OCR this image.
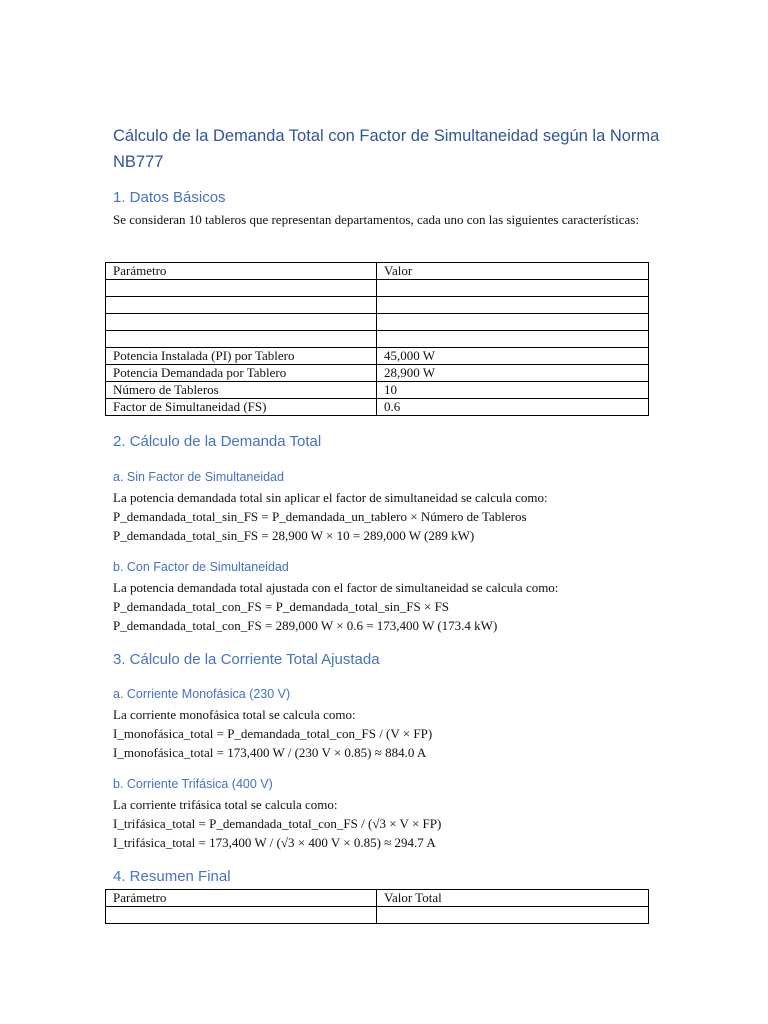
Cálculo de la Demanda Total con Factor de Simultaneidad según la Norma NB777
1. Datos Básicos

Se consideran 10 tableros que representan departamentos, cada uno con las siguientes características:

Parámetro	Valor

Potencia Instalada (PI) por Tablero	45,000 W
Potencia Demandada por Tablero	28,900 W
Número de Tableros	10
Factor de Simultaneidad (FS)	0.6
2. Cálculo de la Demanda Total
a. Sin Factor de Simultaneidad

La potencia demandada total sin aplicar el factor de simultaneidad se calcula como:

P_demandada_total_sin_FS = P_demandada_un_tablero × Número de Tableros

P_demandada_total_sin_FS = 28,900 W × 10 = 289,000 W (289 kW)

b. Con Factor de Simultaneidad

La potencia demandada total ajustada con el factor de simultaneidad se calcula como:

P_demandada_total_con_FS = P_demandada_total_sin_FS × FS

P_demandada_total_con_FS = 289,000 W × 0.6 = 173,400 W (173.4 kW)

3. Cálculo de la Corriente Total Ajustada
a. Corriente Monofásica (230 V)

La corriente monofásica total se calcula como:

I_monofásica_total = P_demandada_total_con_FS / (V × FP)

I_monofásica_total = 173,400 W / (230 V × 0.85) ≈ 884.0 A

b. Corriente Trifásica (400 V)

La corriente trifásica total se calcula como:

I_trifásica_total = P_demandada_total_con_FS / (√3 × V × FP)

I_trifásica_total = 173,400 W / (√3 × 400 V × 0.85) ≈ 294.7 A

4. Resumen Final
Parámetro	Valor Total
